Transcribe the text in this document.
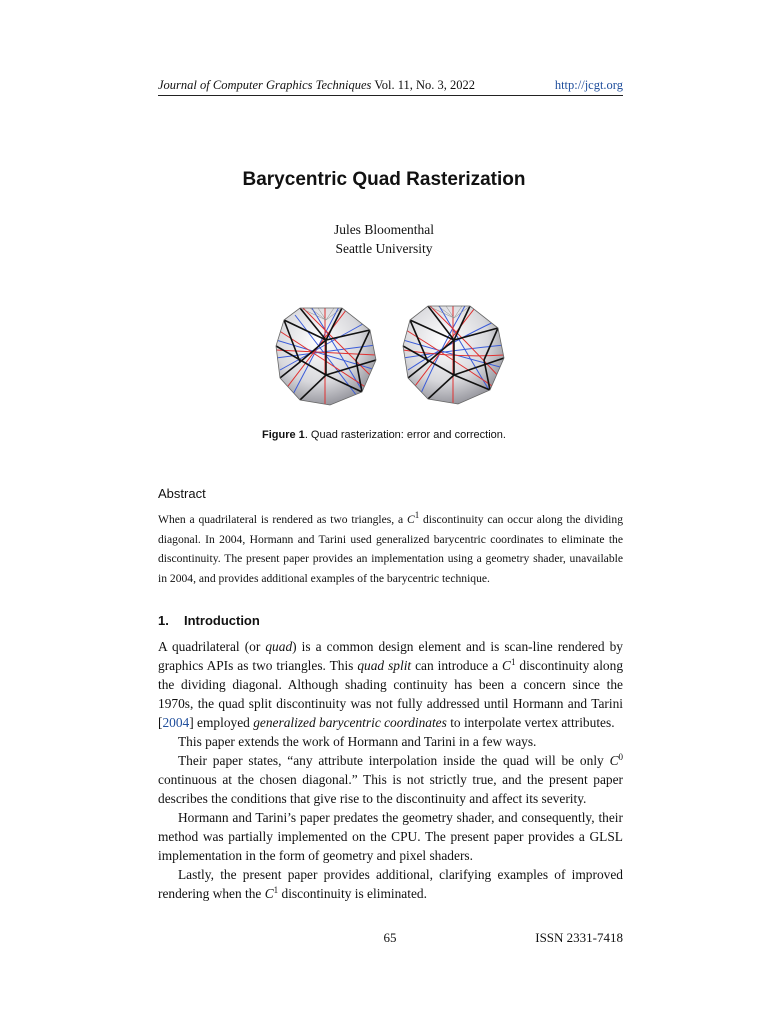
Journal of Computer Graphics Techniques Vol. 11, No. 3, 2022	http://jcgt.org
Barycentric Quad Rasterization
Jules Bloomenthal
Seattle University
Figure 1. Quad rasterization: error and correction.
Abstract
When a quadrilateral is rendered as two triangles, a $C^1$ discontinuity can occur along the dividing diagonal. In 2004, Hormann and Tarini used generalized barycentric coordinates to eliminate the discontinuity. The present paper provides an implementation using a geometry shader, unavailable in 2004, and provides additional examples of the barycentric technique.
1. Introduction

A quadrilateral (or quad) is a common design element and is scan-line rendered by graphics APIs as two triangles. This quad split can introduce a $C^1$ discontinuity along the dividing diagonal. Although shading continuity has been a concern since the 1970s, the quad split discontinuity was not fully addressed until Hormann and Tarini [2004] employed generalized barycentric coordinates to interpolate vertex attributes.

This paper extends the work of Hormann and Tarini in a few ways.

Their paper states, “any attribute interpolation inside the quad will be only $C^0$ continuous at the chosen diagonal.” This is not strictly true, and the present paper describes the conditions that give rise to the discontinuity and affect its severity.

Hormann and Tarini’s paper predates the geometry shader, and consequently, their method was partially implemented on the CPU. The present paper provides a GLSL implementation in the form of geometry and pixel shaders.

Lastly, the present paper provides additional, clarifying examples of improved rendering when the $C^1$ discontinuity is eliminated.

65	ISSN 2331-7418
